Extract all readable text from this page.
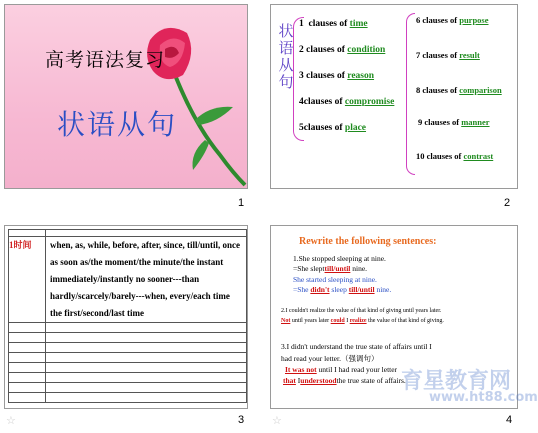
高考语法复习
状语从句
1
状语从句
1 clauses of time
2 clauses of condition
3 clauses of reason
4clauses of compromise
5clauses of place
6 clauses of purpose
7 clauses of result
8 clauses of comparison
9 clauses of manner
10 clauses of contrast
2

1时间	when, as, while, before, after, since, till/until, once
as soon as/the moment/the minute/the instant
immediately/instantly no sooner---than
hardly/scarcely/barely---when, every/each time
the first/second/last time

☆	3
Rewrite the following sentences:
1.She stopped sleeping at nine.
=She slepttill/until nine.
She started sleeping at nine.
=She didn't sleep till/until nine.
2.I couldn't realize the value of that kind of giving until years later.
Not until years later could I realize the value of that kind of giving.
3.I didn't understand the true state of affairs until I
had read your letter.（强调句）
It was not until I had read your letter
that Iunderstoodthe true state of affairs.
育星教育网
www.ht88.com
☆	4
